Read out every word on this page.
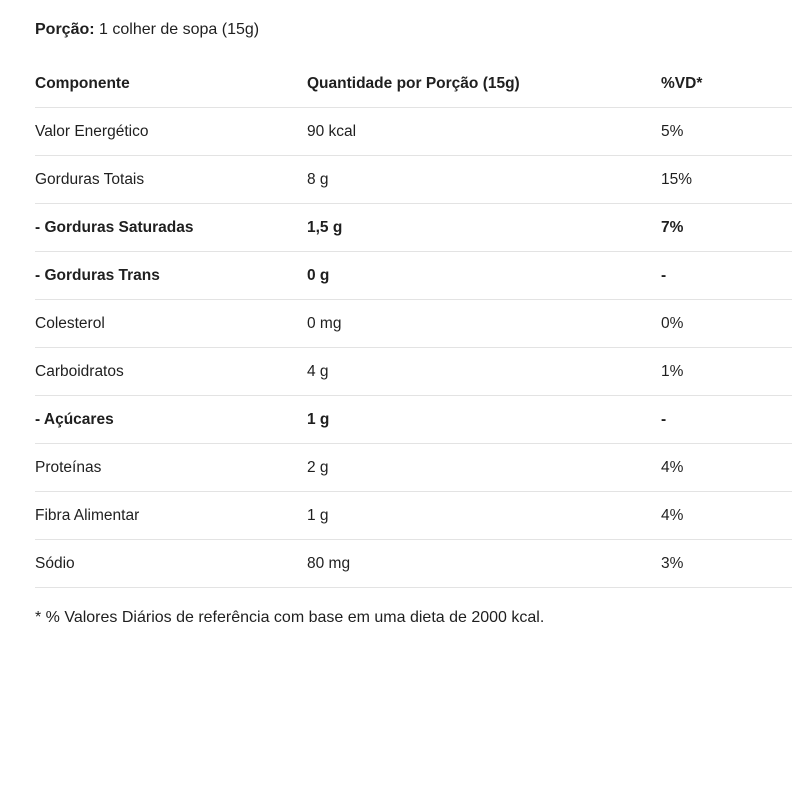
Porção: 1 colher de sopa (15g)
Componente	Quantidade por Porção (15g)	%VD*
Valor Energético	90 kcal	5%
Gorduras Totais	8 g	15%
- Gorduras Saturadas	1,5 g	7%
- Gorduras Trans	0 g	-
Colesterol	0 mg	0%
Carboidratos	4 g	1%
- Açúcares	1 g	-
Proteínas	2 g	4%
Fibra Alimentar	1 g	4%
Sódio	80 mg	3%
* % Valores Diários de referência com base em uma dieta de 2000 kcal.
